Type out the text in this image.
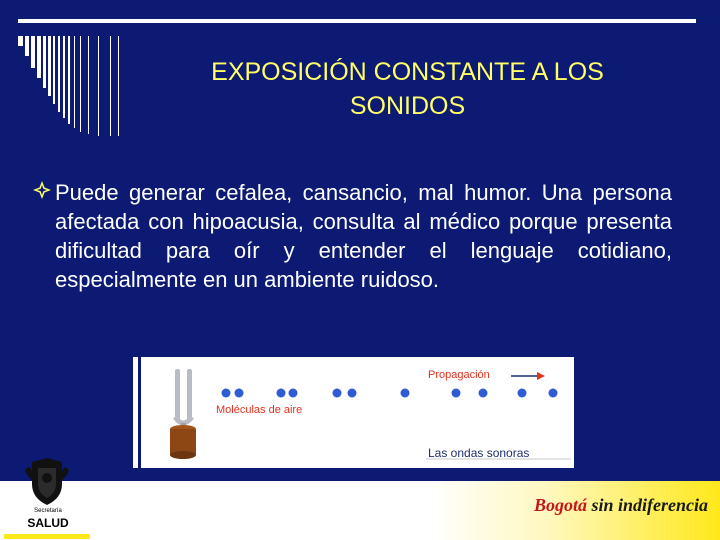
EXPOSICIÓN CONSTANTE A LOS
SONIDOS

Puede generar cefalea, cansancio, mal humor. Una persona afectada con hipoacusia, consulta al médico porque presenta dificultad para oír y entender el lenguaje cotidiano, especialmente en un ambiente ruidoso.

Propagación
Moléculas de aire
Las ondas sonoras
Bogotá sin indiferencia
Secretaría
SALUD
